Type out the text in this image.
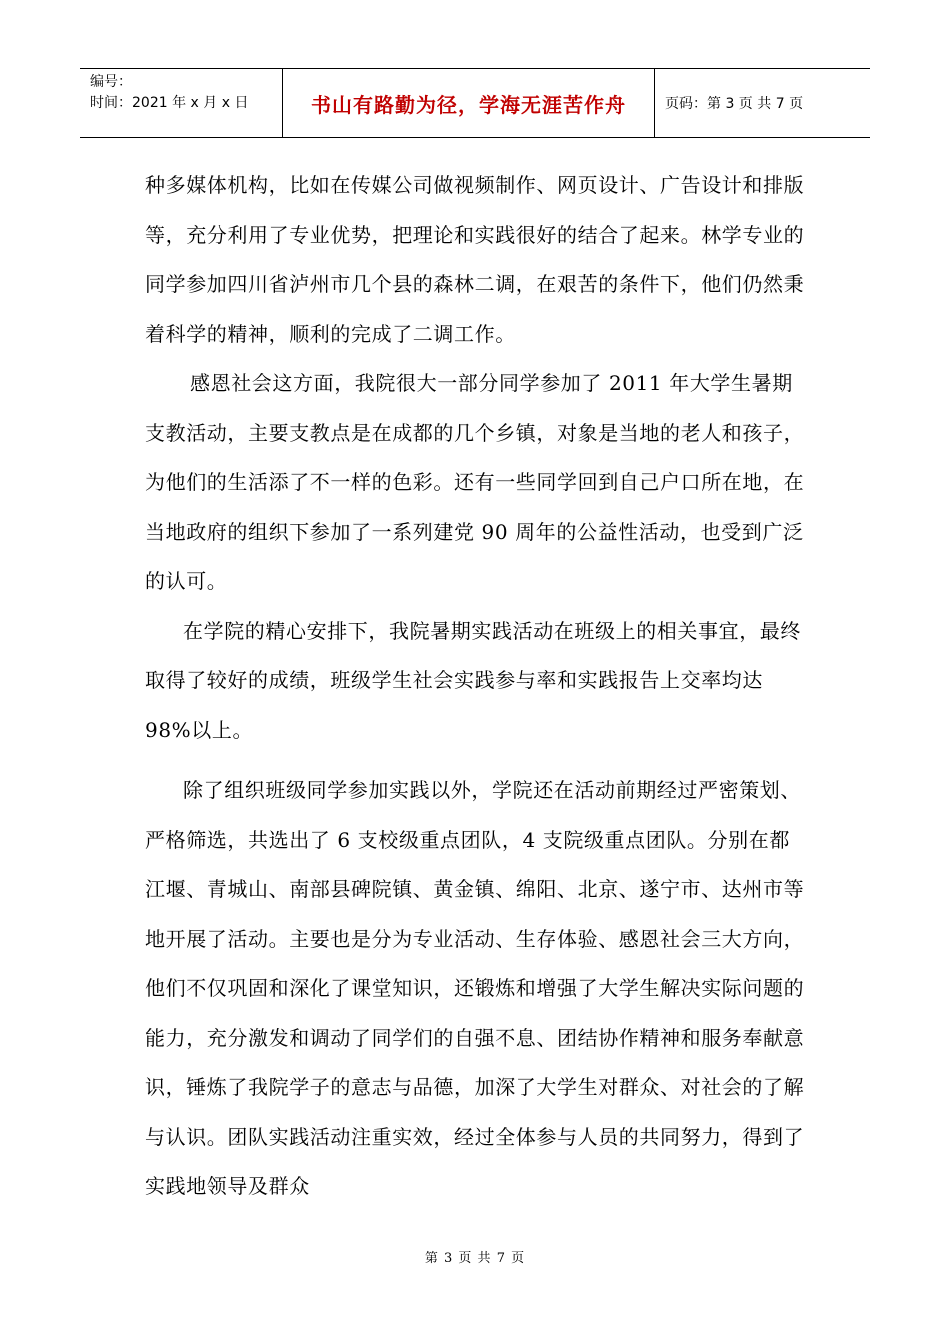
编号：
时间：2021 年 x 月 x 日	书山有路勤为径，学海无涯苦作舟	页码：第 3 页 共 7 页

种多媒体机构，比如在传媒公司做视频制作、网页设计、广告设计和排版等，充分利用了专业优势，把理论和实践很好的结合了起来。林学专业的同学参加四川省泸州市几个县的森林二调，在艰苦的条件下，他们仍然秉着科学的精神，顺利的完成了二调工作。

感恩社会这方面，我院很大一部分同学参加了 2011 年大学生暑期支教活动，主要支教点是在成都的几个乡镇，对象是当地的老人和孩子，为他们的生活添了不一样的色彩。还有一些同学回到自己户口所在地，在当地政府的组织下参加了一系列建党 90 周年的公益性活动，也受到广泛的认可。

在学院的精心安排下，我院暑期实践活动在班级上的相关事宜，最终取得了较好的成绩，班级学生社会实践参与率和实践报告上交率均达 98%以上。

除了组织班级同学参加实践以外，学院还在活动前期经过严密策划、严格筛选，共选出了 6 支校级重点团队，4 支院级重点团队。分别在都江堰、青城山、南部县碑院镇、黄金镇、绵阳、北京、遂宁市、达州市等地开展了活动。主要也是分为专业活动、生存体验、感恩社会三大方向，他们不仅巩固和深化了课堂知识，还锻炼和增强了大学生解决实际问题的能力，充分激发和调动了同学们的自强不息、团结协作精神和服务奉献意识，锤炼了我院学子的意志与品德，加深了大学生对群众、对社会的了解与认识。团队实践活动注重实效，经过全体参与人员的共同努力，得到了实践地领导及群众

第 3 页 共 7 页
